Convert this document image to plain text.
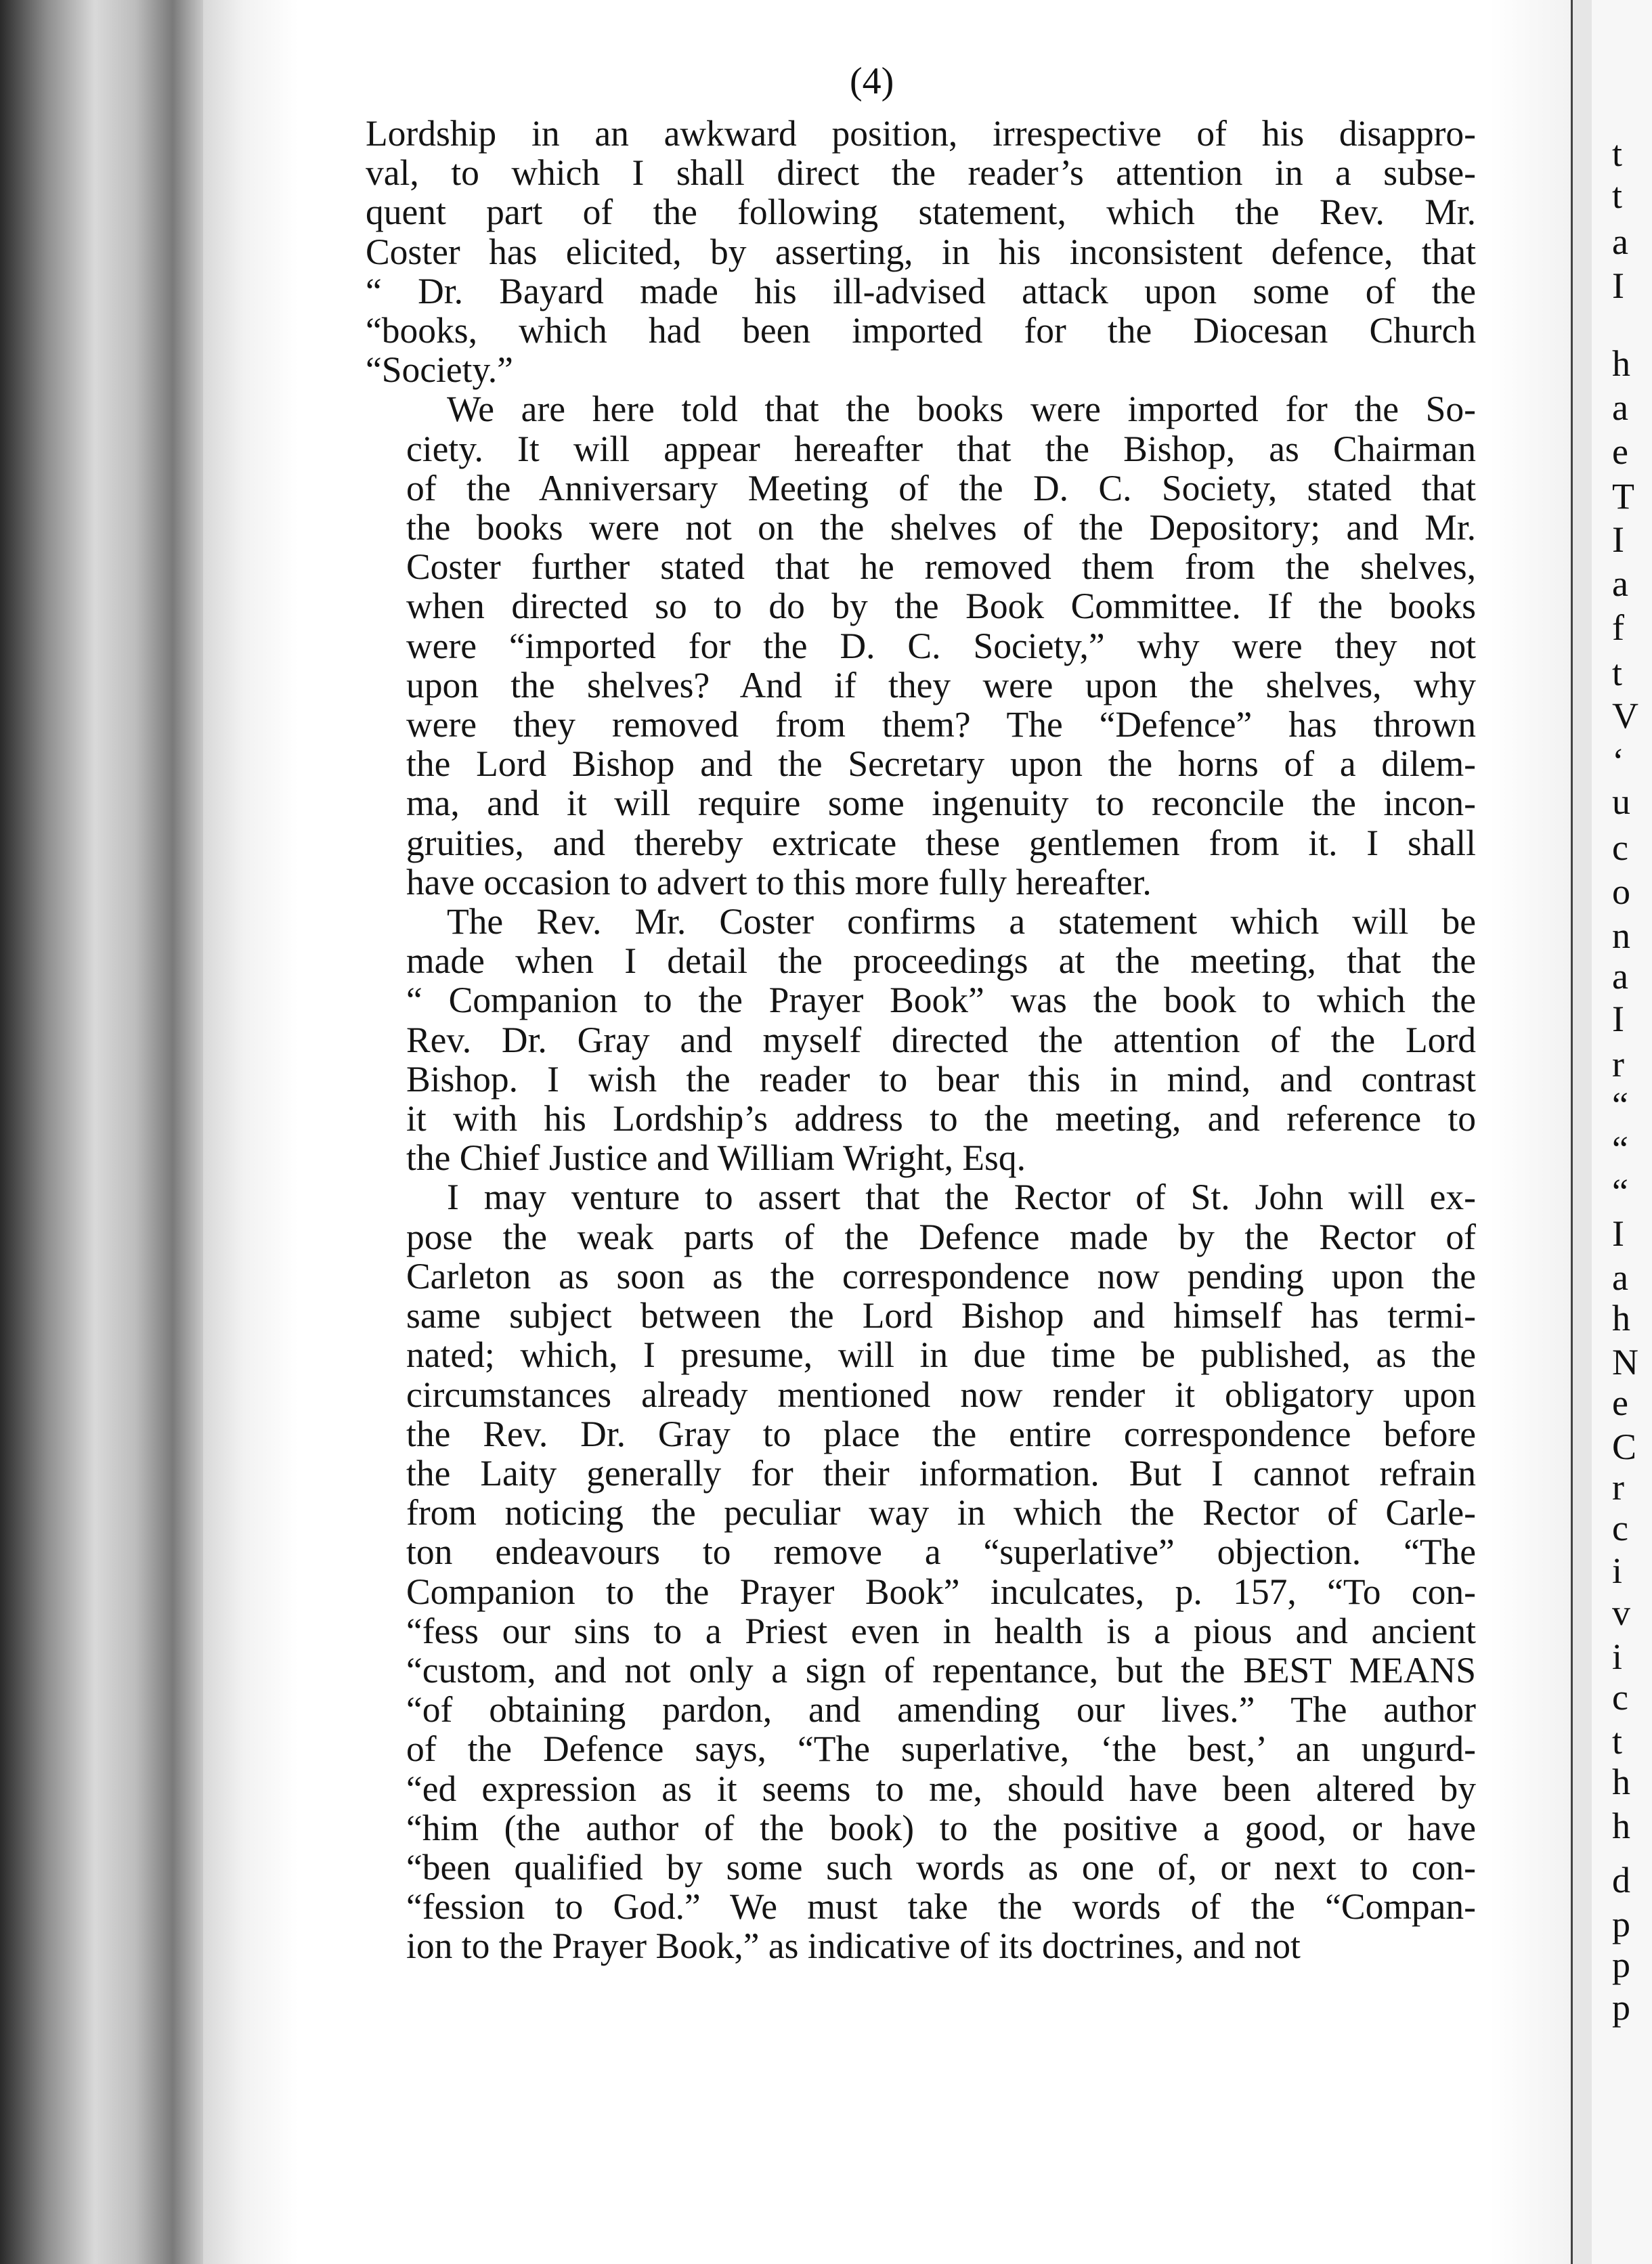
(4)
Lordship in an awkward position, irrespective of his disappro-
val, to which I shall direct the reader’s attention in a subse-
quent part of the following statement, which the Rev. Mr.
Coster has elicited, by asserting, in his inconsistent defence, that
“ Dr. Bayard made his ill-advised attack upon some of the
“books, which had been imported for the Diocesan Church
“Society.”
We are here told that the books were imported for the So-
ciety. It will appear hereafter that the Bishop, as Chairman
of the Anniversary Meeting of the D. C. Society, stated that
the books were not on the shelves of the Depository; and Mr.
Coster further stated that he removed them from the shelves,
when directed so to do by the Book Committee. If the books
were “imported for the D. C. Society,” why were they not
upon the shelves? And if they were upon the shelves, why
were they removed from them? The “Defence” has thrown
the Lord Bishop and the Secretary upon the horns of a dilem-
ma, and it will require some ingenuity to reconcile the incon-
gruities, and thereby extricate these gentlemen from it. I shall
have occasion to advert to this more fully hereafter.
The Rev. Mr. Coster confirms a statement which will be
made when I detail the proceedings at the meeting, that the
“ Companion to the Prayer Book” was the book to which the
Rev. Dr. Gray and myself directed the attention of the Lord
Bishop. I wish the reader to bear this in mind, and contrast
it with his Lordship’s address to the meeting, and reference to
the Chief Justice and William Wright, Esq.
I may venture to assert that the Rector of St. John will ex-
pose the weak parts of the Defence made by the Rector of
Carleton as soon as the correspondence now pending upon the
same subject between the Lord Bishop and himself has termi-
nated; which, I presume, will in due time be published, as the
circumstances already mentioned now render it obligatory upon
the Rev. Dr. Gray to place the entire correspondence before
the Laity generally for their information. But I cannot refrain
from noticing the peculiar way in which the Rector of Carle-
ton endeavours to remove a “superlative” objection. “The
Companion to the Prayer Book” inculcates, p. 157, “To con-
“fess our sins to a Priest even in health is a pious and ancient
“custom, and not only a sign of repentance, but the BEST MEANS
“of obtaining pardon, and amending our lives.” The author
of the Defence says, “The superlative, ‘the best,’ an ungurd-
“ed expression as it seems to me, should have been altered by
“him (the author of the book) to the positive a good, or have
“been qualified by some such words as one of, or next to con-
“fession to God.” We must take the words of the “Compan-
ion to the Prayer Book,” as indicative of its doctrines, and not
t
t
a
I
h
a
e
T
I
a
f
t
V
‘
u
c
o
n
a
I
r
“
“
“
I
a
h
N
e
C
r
c
i
v
i
c
t
h
h
d
p
p
p
